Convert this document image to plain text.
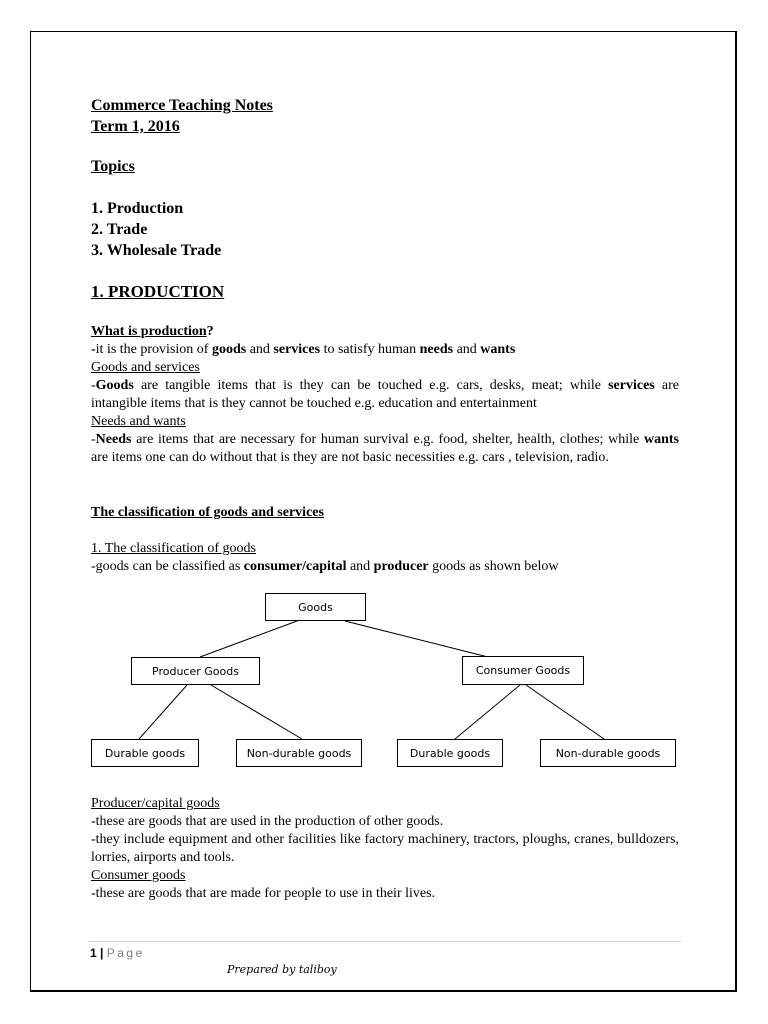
Commerce Teaching Notes
Term 1, 2016
Topics
1. Production
2. Trade
3. Wholesale Trade
1. PRODUCTION
What is production?
-it is the provision of goods and services to satisfy human needs and wants
Goods and services
-Goods are tangible items that is they can be touched e.g. cars, desks, meat; while services are intangible items that is they cannot be touched e.g. education and entertainment
Needs and wants
-Needs are items that are necessary for human survival e.g. food, shelter, health, clothes; while wants are items one can do without that is they are not basic necessities e.g. cars , television, radio.
The classification of goods and services
1. The classification of goods
-goods can be classified as consumer/capital and producer goods as shown below
Goods
Producer Goods	Consumer Goods
Durable goods	Non-durable goods	Durable goods	Non-durable goods
Producer/capital goods
-these are goods that are used in the production of other goods.
-they include equipment and other facilities like factory machinery, tractors, ploughs, cranes, bulldozers, lorries, airports and tools.
Consumer goods
-these are goods that are made for people to use in their lives.
1 | Page
Prepared by taliboy
